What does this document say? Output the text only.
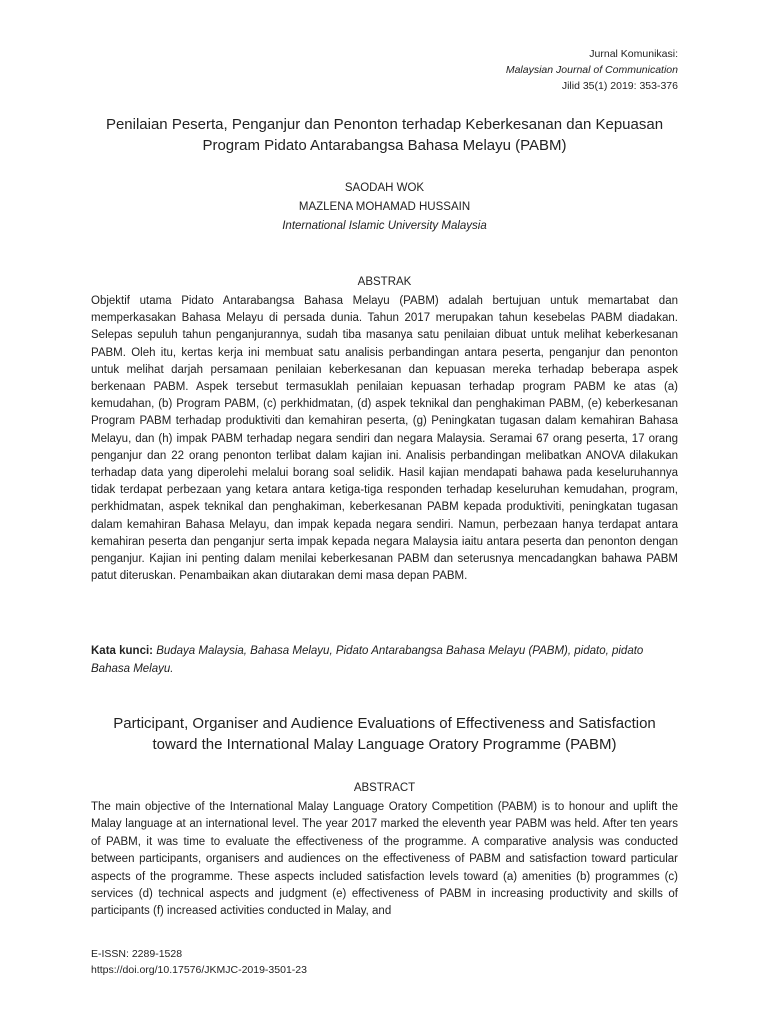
Jurnal Komunikasi:
Malaysian Journal of Communication
Jilid 35(1) 2019: 353-376
Penilaian Peserta, Penganjur dan Penonton terhadap Keberkesanan dan Kepuasan
Program Pidato Antarabangsa Bahasa Melayu (PABM)
SAODAH WOK
MAZLENA MOHAMAD HUSSAIN
International Islamic University Malaysia
ABSTRAK
Objektif utama Pidato Antarabangsa Bahasa Melayu (PABM) adalah bertujuan untuk memartabat dan memperkasakan Bahasa Melayu di persada dunia. Tahun 2017 merupakan tahun kesebelas PABM diadakan. Selepas sepuluh tahun penganjurannya, sudah tiba masanya satu penilaian dibuat untuk melihat keberkesanan PABM. Oleh itu, kertas kerja ini membuat satu analisis perbandingan antara peserta, penganjur dan penonton untuk melihat darjah persamaan penilaian keberkesanan dan kepuasan mereka terhadap beberapa aspek berkenaan PABM. Aspek tersebut termasuklah penilaian kepuasan terhadap program PABM ke atas (a) kemudahan, (b) Program PABM, (c) perkhidmatan, (d) aspek teknikal dan penghakiman PABM, (e) keberkesanan Program PABM terhadap produktiviti dan kemahiran peserta, (g) Peningkatan tugasan dalam kemahiran Bahasa Melayu, dan (h) impak PABM terhadap negara sendiri dan negara Malaysia. Seramai 67 orang peserta, 17 orang penganjur dan 22 orang penonton terlibat dalam kajian ini. Analisis perbandingan melibatkan ANOVA dilakukan terhadap data yang diperolehi melalui borang soal selidik. Hasil kajian mendapati bahawa pada keseluruhannya tidak terdapat perbezaan yang ketara antara ketiga-tiga responden terhadap keseluruhan kemudahan, program, perkhidmatan, aspek teknikal dan penghakiman, keberkesanan PABM kepada produktiviti, peningkatan tugasan dalam kemahiran Bahasa Melayu, dan impak kepada negara sendiri. Namun, perbezaan hanya terdapat antara kemahiran peserta dan penganjur serta impak kepada negara Malaysia iaitu antara peserta dan penonton dengan penganjur. Kajian ini penting dalam menilai keberkesanan PABM dan seterusnya mencadangkan bahawa PABM patut diteruskan. Penambaikan akan diutarakan demi masa depan PABM.
Kata kunci: Budaya Malaysia, Bahasa Melayu, Pidato Antarabangsa Bahasa Melayu (PABM), pidato, pidato Bahasa Melayu.
Participant, Organiser and Audience Evaluations of Effectiveness and Satisfaction
toward the International Malay Language Oratory Programme (PABM)
ABSTRACT
The main objective of the International Malay Language Oratory Competition (PABM) is to honour and uplift the Malay language at an international level. The year 2017 marked the eleventh year PABM was held. After ten years of PABM, it was time to evaluate the effectiveness of the programme. A comparative analysis was conducted between participants, organisers and audiences on the effectiveness of PABM and satisfaction toward particular aspects of the programme. These aspects included satisfaction levels toward (a) amenities (b) programmes (c) services (d) technical aspects and judgment (e) effectiveness of PABM in increasing productivity and skills of participants (f) increased activities conducted in Malay, and
E-ISSN: 2289-1528
https://doi.org/10.17576/JKMJC-2019-3501-23
